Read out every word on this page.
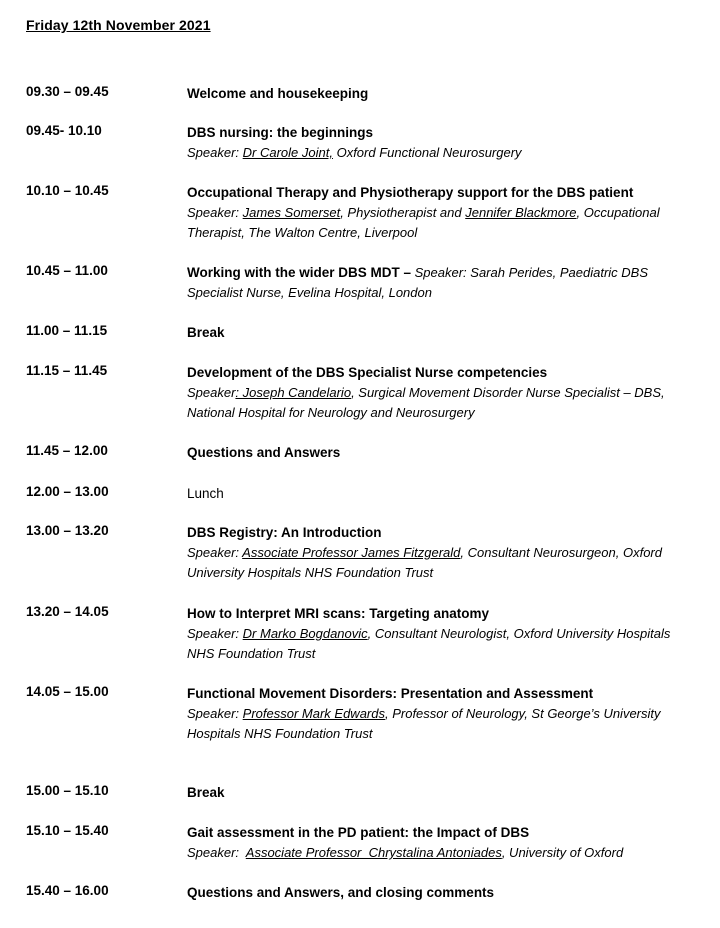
Friday 12th November 2021
09.30 – 09.45	Welcome and housekeeping
09.45- 10.10	DBS nursing: the beginnings
Speaker: Dr Carole Joint, Oxford Functional Neurosurgery
10.10 – 10.45	Occupational Therapy and Physiotherapy support for the DBS patient
Speaker: James Somerset, Physiotherapist and Jennifer Blackmore, Occupational Therapist, The Walton Centre, Liverpool
10.45 – 11.00	Working with the wider DBS MDT – Speaker: Sarah Perides, Paediatric DBS Specialist Nurse, Evelina Hospital, London
11.00 – 11.15	Break
11.15 – 11.45	Development of the DBS Specialist Nurse competencies
Speaker: Joseph Candelario, Surgical Movement Disorder Nurse Specialist – DBS, National Hospital for Neurology and Neurosurgery
11.45 – 12.00	Questions and Answers
12.00 – 13.00	Lunch
13.00 – 13.20	DBS Registry: An Introduction
Speaker: Associate Professor James Fitzgerald, Consultant Neurosurgeon, Oxford University Hospitals NHS Foundation Trust
13.20 – 14.05	How to Interpret MRI scans: Targeting anatomy
Speaker: Dr Marko Bogdanovic, Consultant Neurologist, Oxford University Hospitals NHS Foundation Trust
14.05 – 15.00	Functional Movement Disorders: Presentation and Assessment
Speaker: Professor Mark Edwards, Professor of Neurology, St George’s University Hospitals NHS Foundation Trust
15.00 – 15.10	Break
15.10 – 15.40	Gait assessment in the PD patient: the Impact of DBS
Speaker:  Associate Professor  Chrystalina Antoniades, University of Oxford
15.40 – 16.00	Questions and Answers, and closing comments
